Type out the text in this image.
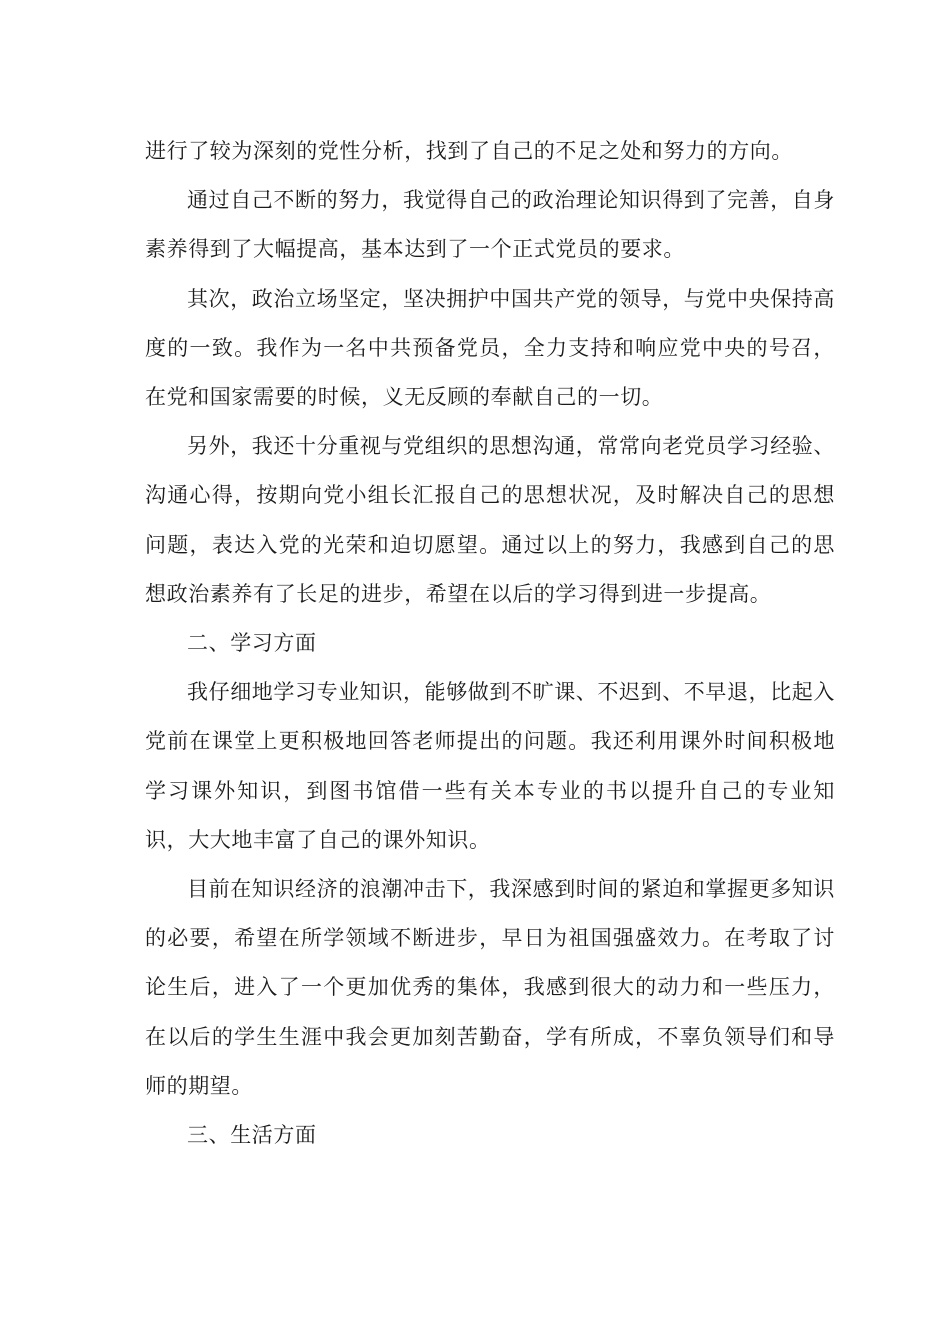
进行了较为深刻的党性分析，找到了自己的不足之处和努力的方向。

通过自己不断的努力，我觉得自己的政治理论知识得到了完善，自身素养得到了大幅提高，基本达到了一个正式党员的要求。

其次，政治立场坚定，坚决拥护中国共产党的领导，与党中央保持高度的一致。我作为一名中共预备党员，全力支持和响应党中央的号召，在党和国家需要的时候，义无反顾的奉献自己的一切。

另外，我还十分重视与党组织的思想沟通，常常向老党员学习经验、沟通心得，按期向党小组长汇报自己的思想状况，及时解决自己的思想问题，表达入党的光荣和迫切愿望。通过以上的努力，我感到自己的思想政治素养有了长足的进步，希望在以后的学习得到进一步提高。

二、学习方面

我仔细地学习专业知识，能够做到不旷课、不迟到、不早退，比起入党前在课堂上更积极地回答老师提出的问题。我还利用课外时间积极地学习课外知识，到图书馆借一些有关本专业的书以提升自己的专业知识，大大地丰富了自己的课外知识。

目前在知识经济的浪潮冲击下，我深感到时间的紧迫和掌握更多知识的必要，希望在所学领域不断进步，早日为祖国强盛效力。在考取了讨论生后，进入了一个更加优秀的集体，我感到很大的动力和一些压力，在以后的学生生涯中我会更加刻苦勤奋，学有所成，不辜负领导们和导师的期望。

三、生活方面
